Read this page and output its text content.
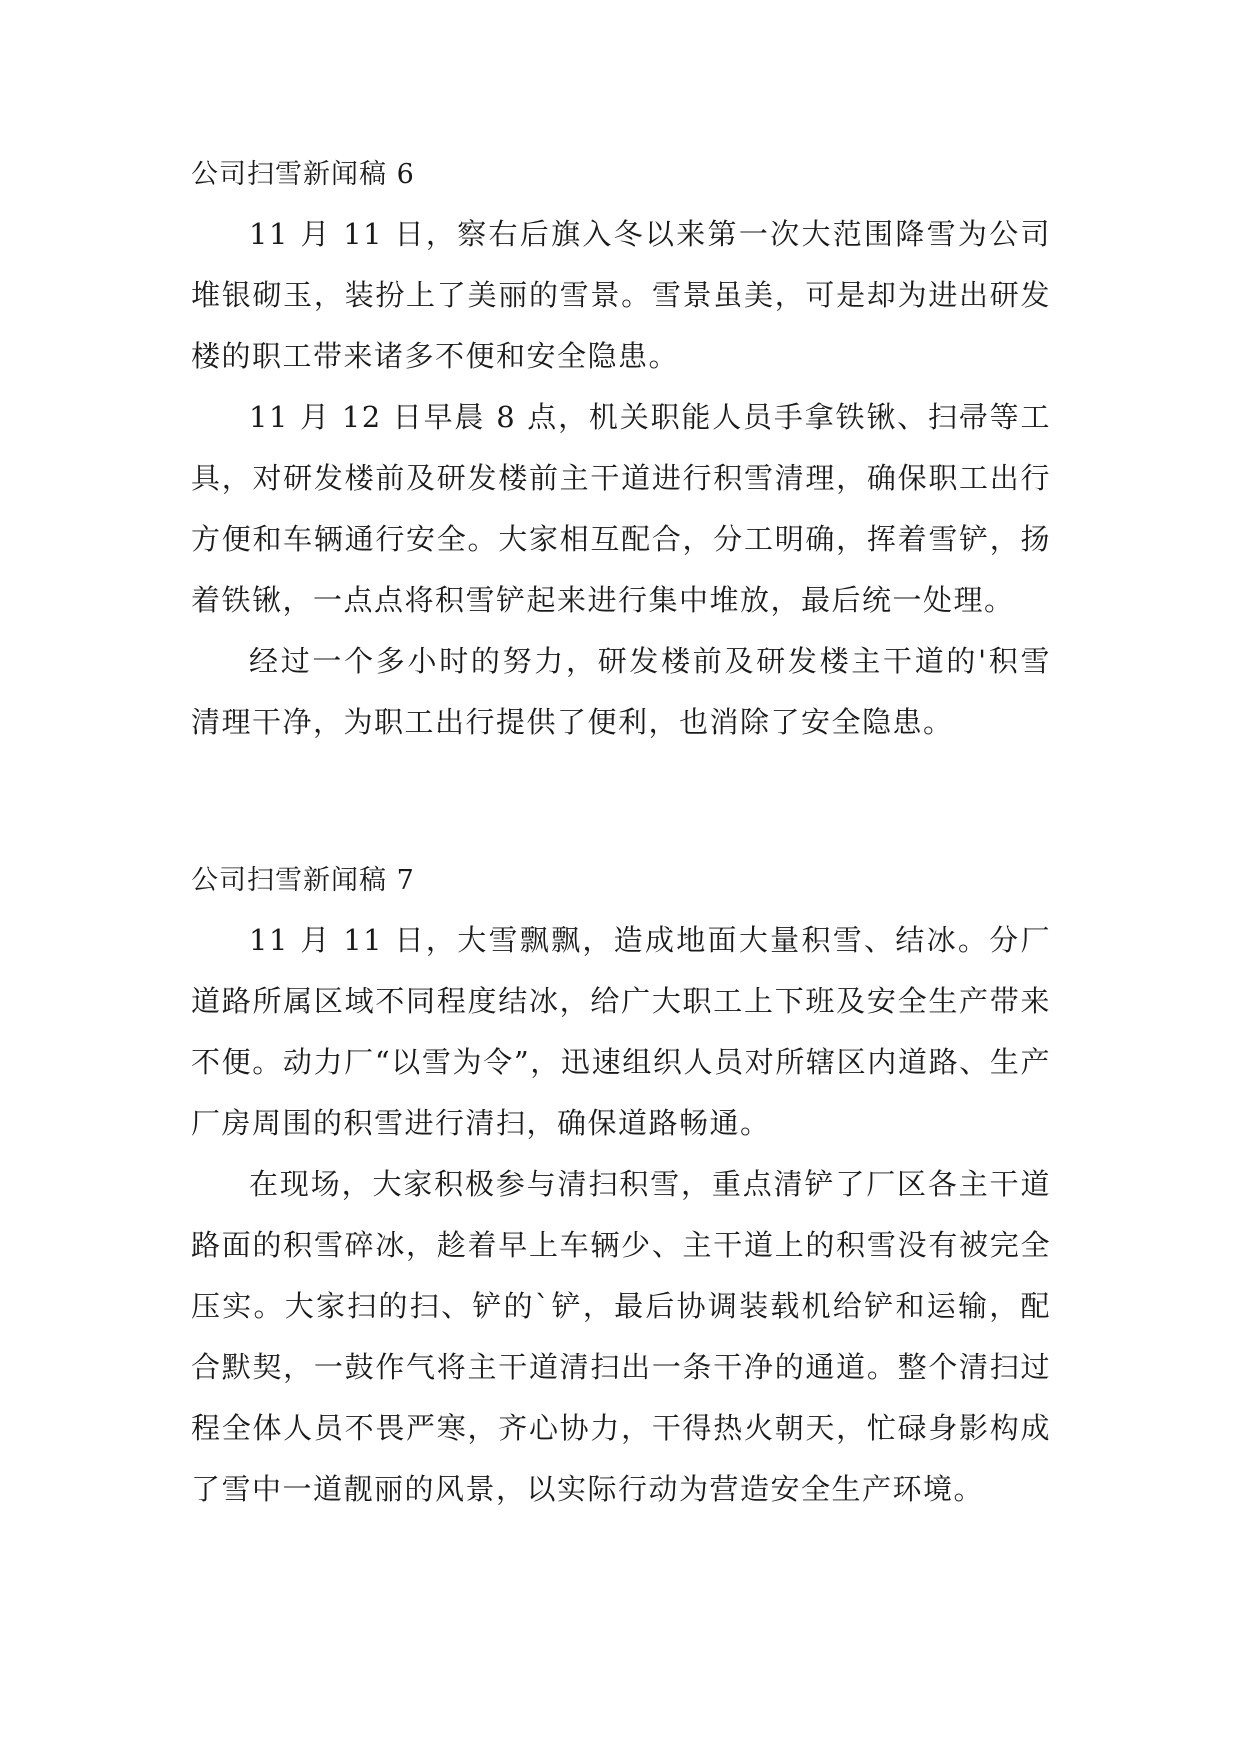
公司扫雪新闻稿 6

11 月 11 日，察右后旗入冬以来第一次大范围降雪为公司堆银砌玉，装扮上了美丽的雪景。雪景虽美，可是却为进出研发楼的职工带来诸多不便和安全隐患。

11 月 12 日早晨 8 点，机关职能人员手拿铁锹、扫帚等工具，对研发楼前及研发楼前主干道进行积雪清理，确保职工出行方便和车辆通行安全。大家相互配合，分工明确，挥着雪铲，扬着铁锹，一点点将积雪铲起来进行集中堆放，最后统一处理。

经过一个多小时的努力，研发楼前及研发楼主干道的'积雪清理干净，为职工出行提供了便利，也消除了安全隐患。

公司扫雪新闻稿 7

11 月 11 日，大雪飘飘，造成地面大量积雪、结冰。分厂道路所属区域不同程度结冰，给广大职工上下班及安全生产带来不便。动力厂“以雪为令”，迅速组织人员对所辖区内道路、生产厂房周围的积雪进行清扫，确保道路畅通。

在现场，大家积极参与清扫积雪，重点清铲了厂区各主干道路面的积雪碎冰，趁着早上车辆少、主干道上的积雪没有被完全压实。大家扫的扫、铲的`铲，最后协调装载机给铲和运输，配合默契，一鼓作气将主干道清扫出一条干净的通道。整个清扫过程全体人员不畏严寒，齐心协力，干得热火朝天，忙碌身影构成了雪中一道靓丽的风景，以实际行动为营造安全生产环境。
